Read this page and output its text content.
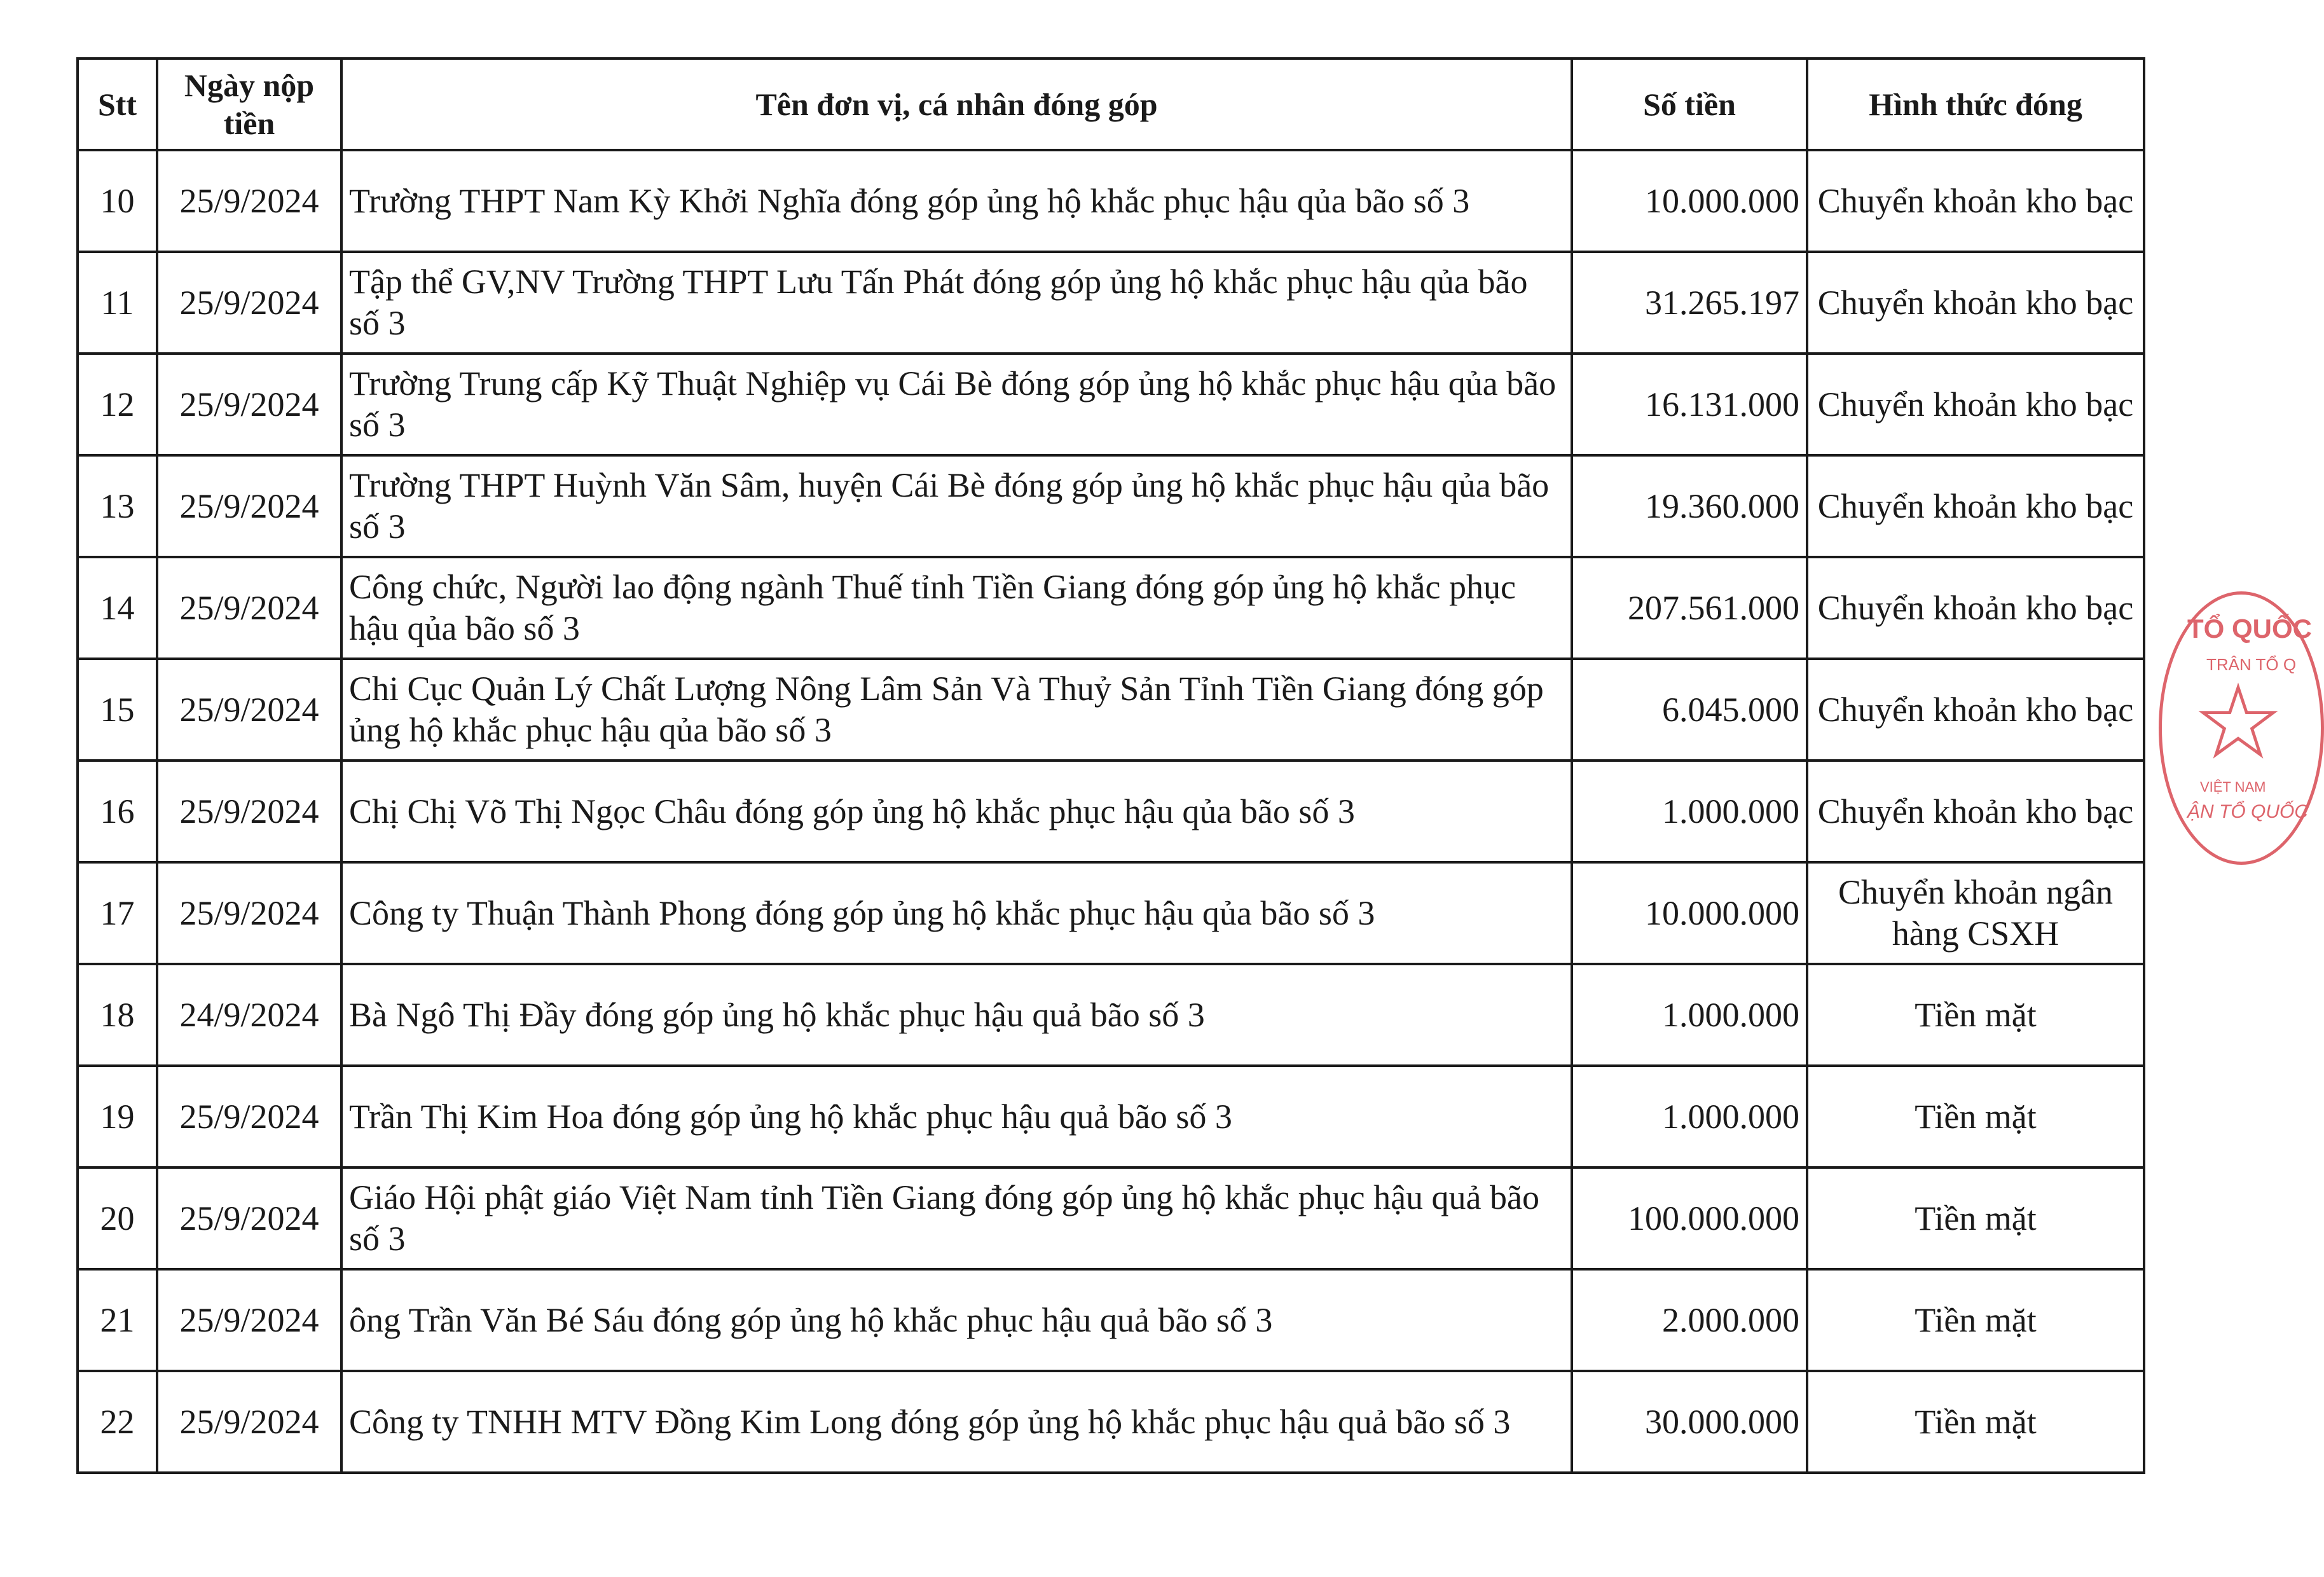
Stt	Ngày nộp tiền	Tên đơn vị, cá nhân đóng góp	Số tiền	Hình thức đóng
10	25/9/2024	Trường THPT Nam Kỳ Khởi Nghĩa đóng góp ủng hộ khắc phục hậu qủa bão số 3	10.000.000	Chuyển khoản kho bạc
11	25/9/2024	Tập thể GV,NV Trường THPT Lưu Tấn Phát đóng góp ủng hộ khắc phục hậu qủa bão số 3	31.265.197	Chuyển khoản kho bạc
12	25/9/2024	Trường Trung cấp Kỹ Thuật Nghiệp vụ Cái Bè đóng góp ủng hộ khắc phục hậu qủa bão số 3	16.131.000	Chuyển khoản kho bạc
13	25/9/2024	Trường THPT Huỳnh Văn Sâm, huyện Cái Bè đóng góp ủng hộ khắc phục hậu qủa bão số 3	19.360.000	Chuyển khoản kho bạc
14	25/9/2024	Công chức, Người lao động ngành Thuế tỉnh Tiền Giang đóng góp ủng hộ khắc phục hậu qủa bão số 3	207.561.000	Chuyển khoản kho bạc
15	25/9/2024	Chi Cục Quản Lý Chất Lượng Nông Lâm Sản Và Thuỷ Sản Tỉnh Tiền Giang đóng góp ủng hộ khắc phục hậu qủa bão số 3	6.045.000	Chuyển khoản kho bạc
16	25/9/2024	Chị Chị Võ Thị Ngọc Châu đóng góp ủng hộ khắc phục hậu qủa bão số 3	1.000.000	Chuyển khoản kho bạc
17	25/9/2024	Công ty Thuận Thành Phong đóng góp ủng hộ khắc phục hậu qủa bão số 3	10.000.000	Chuyển khoản ngân hàng CSXH
18	24/9/2024	Bà Ngô Thị Đầy đóng góp ủng hộ khắc phục hậu quả bão số 3	1.000.000	Tiền mặt
19	25/9/2024	Trần Thị Kim Hoa đóng góp ủng hộ khắc phục hậu quả bão số 3	1.000.000	Tiền mặt
20	25/9/2024	Giáo Hội phật giáo Việt Nam tỉnh Tiền Giang đóng góp ủng hộ khắc phục hậu quả bão số 3	100.000.000	Tiền mặt
21	25/9/2024	ông Trần Văn Bé Sáu đóng góp ủng hộ khắc phục hậu quả bão số 3	2.000.000	Tiền mặt
22	25/9/2024	Công ty TNHH MTV Đồng Kim Long đóng góp ủng hộ khắc phục hậu quả bão số 3	30.000.000	Tiền mặt
TỔ QUỐC
TRÂN TỔ Q
VIỆT NAM
ẬN TỔ QUỐC
